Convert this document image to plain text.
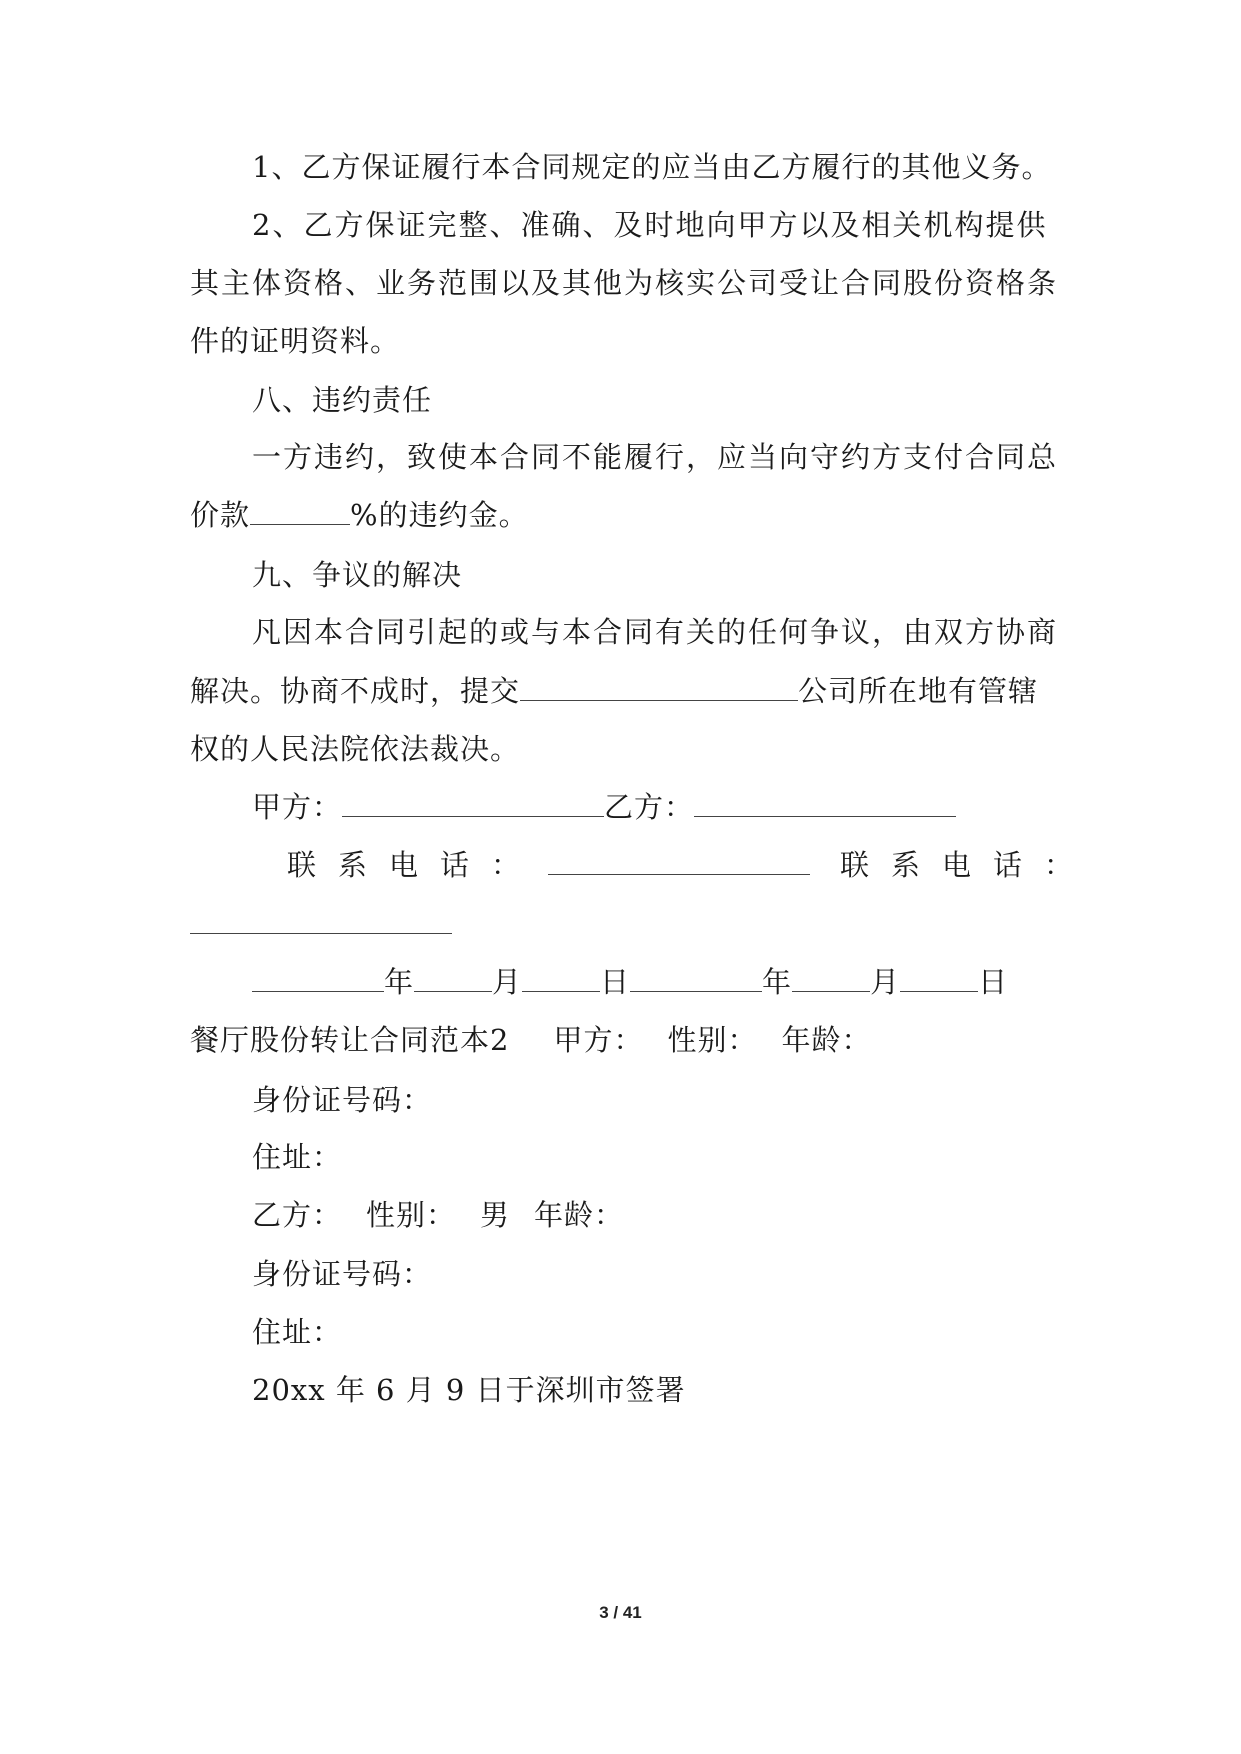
1、乙方保证履行本合同规定的应当由乙方履行的其他义务。
2、乙方保证完整、准确、及时地向甲方以及相关机构提供
其主体资格、业务范围以及其他为核实公司受让合同股份资格条
件的证明资料。
八、违约责任
一方违约，致使本合同不能履行，应当向守约方支付合同总
价款	%的违约金。
九、争议的解决
凡因本合同引起的或与本合同有关的任何争议，由双方协商
解决。协商不成时，提交	公司所在地有管辖
权的人民法院依法裁决。
甲方：	乙方：
联系电话：	联系电话：
年	月	日	年	月	日
餐厅股份转让合同范本2 甲方： 性别： 年龄：
身份证号码：
住址：
乙方： 性别： 男 年龄：
身份证号码：
住址：
20xx 年 6 月 9 日于深圳市签署
3 / 41
